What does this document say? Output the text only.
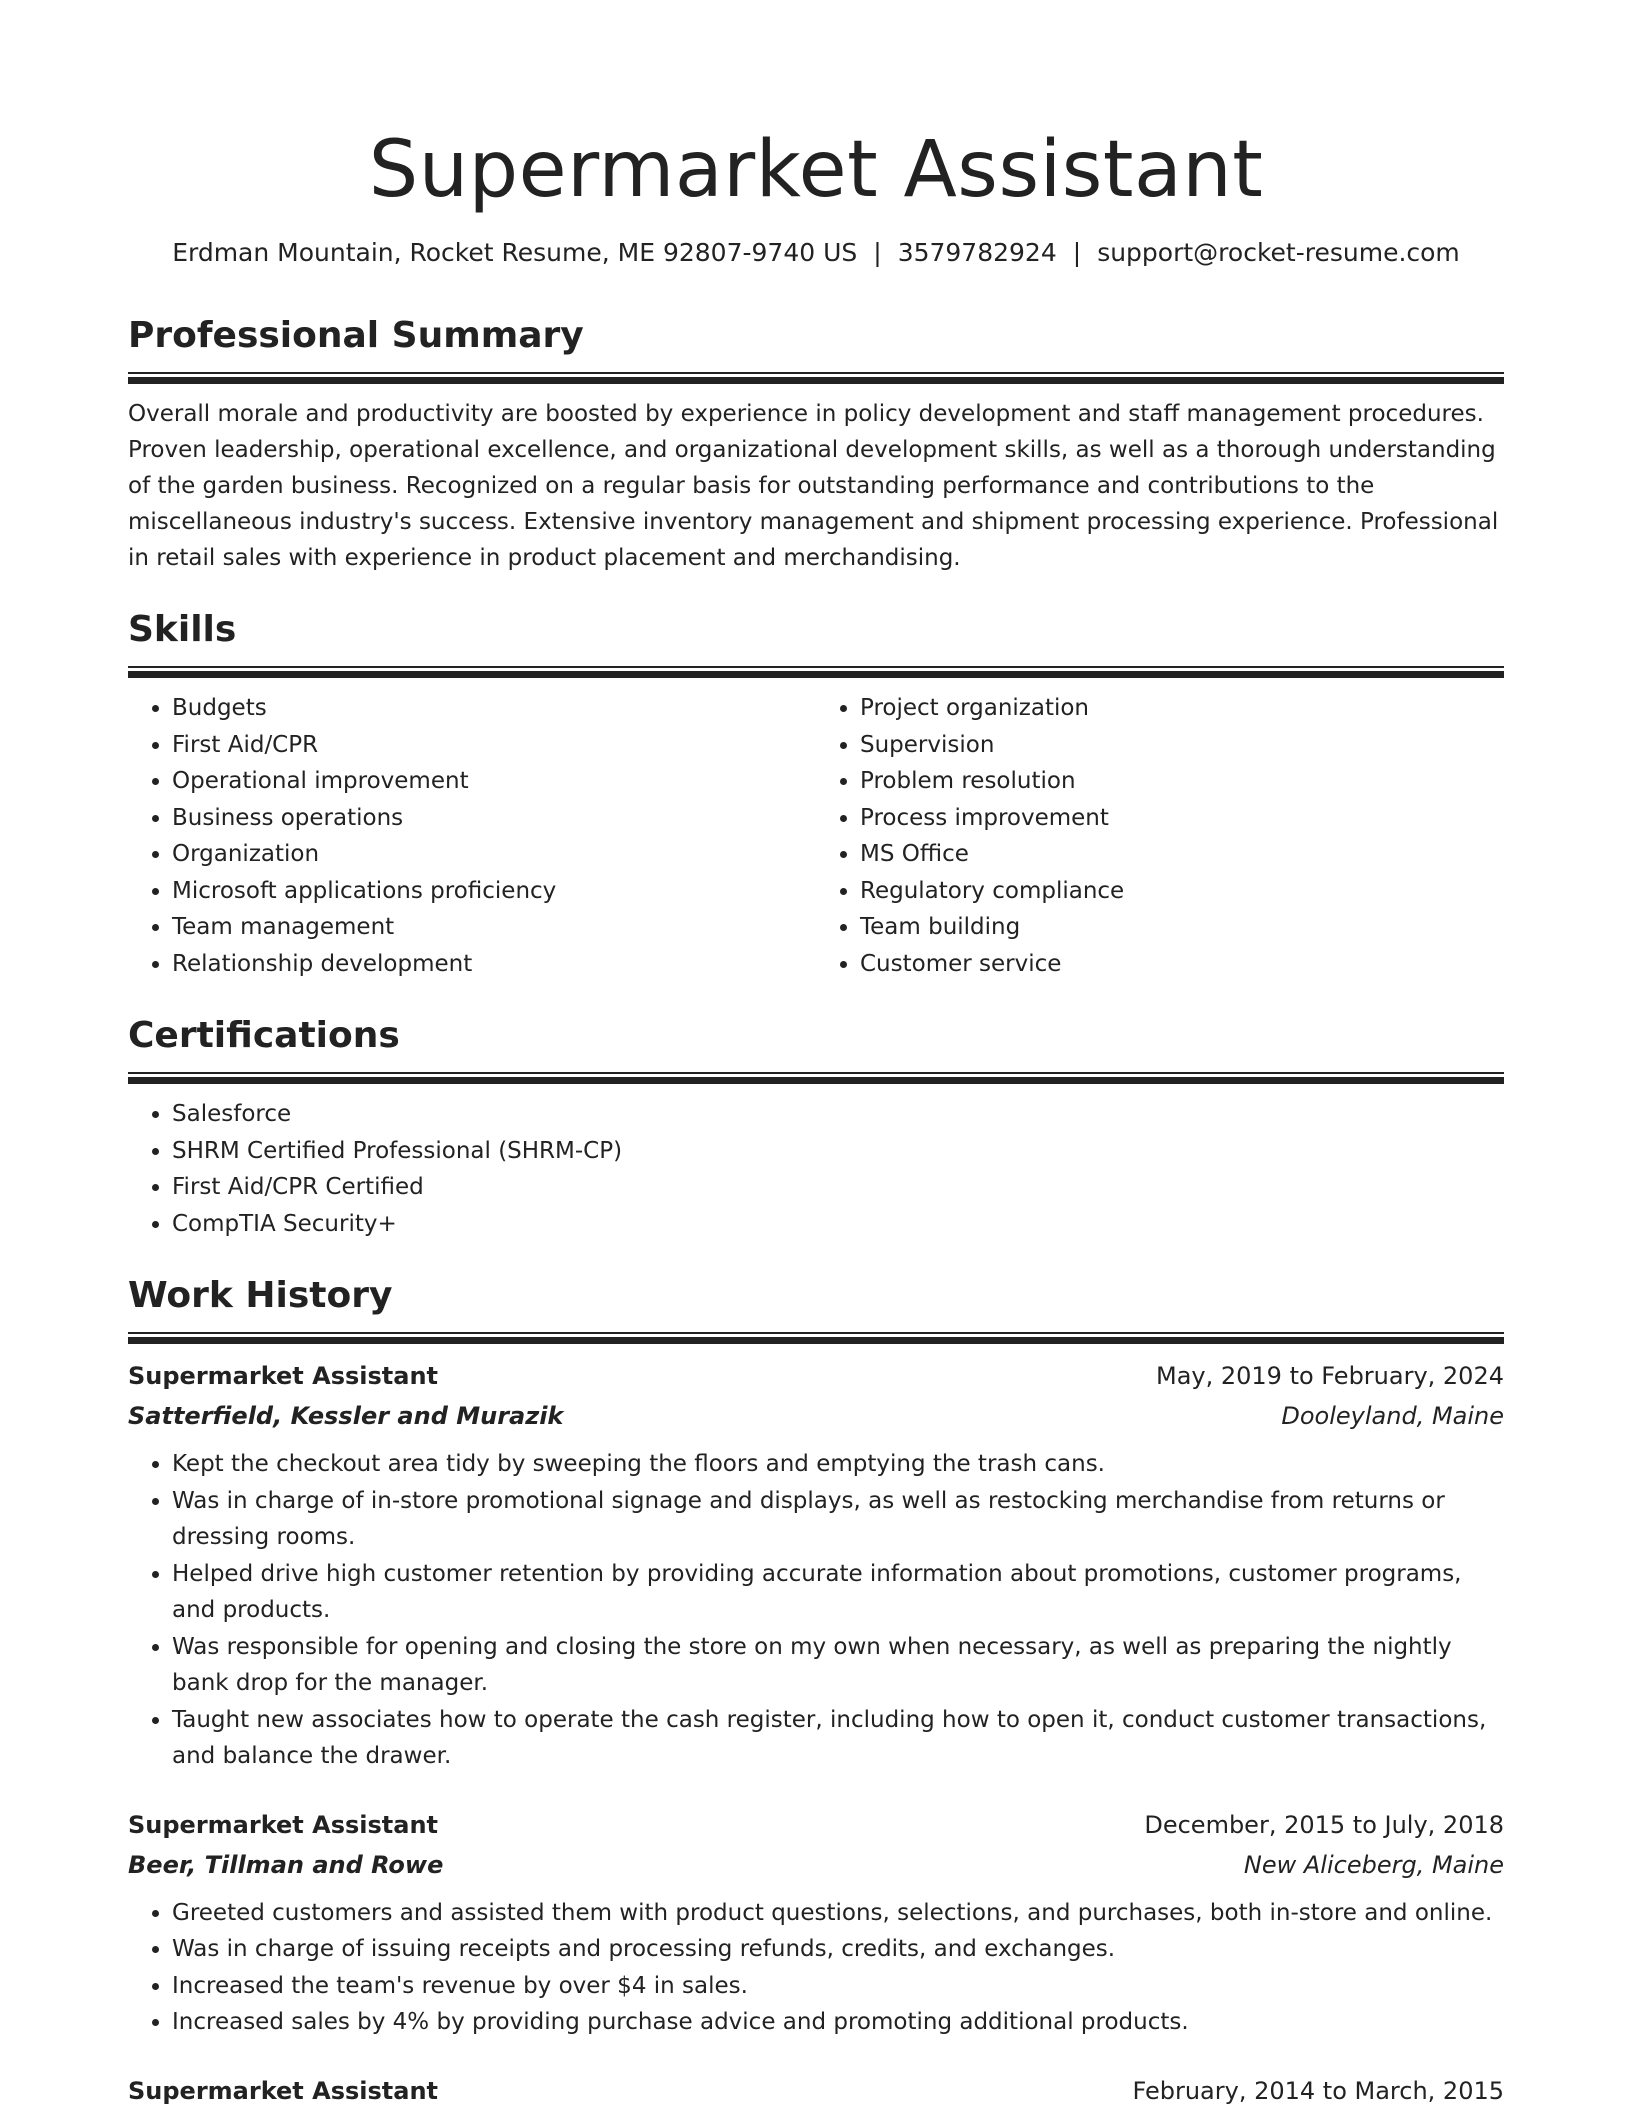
Supermarket Assistant
Erdman Mountain, Rocket Resume, ME 92807-9740 US | 3579782924 | support@rocket-resume.com
Professional Summary
Overall morale and productivity are boosted by experience in policy development and staff management procedures. Proven leadership, operational excellence, and organizational development skills, as well as a thorough understanding of the garden business. Recognized on a regular basis for outstanding performance and contributions to the miscellaneous industry's success. Extensive inventory management and shipment processing experience. Professional in retail sales with experience in product placement and merchandising.
Skills
• Budgets
• First Aid/CPR
• Operational improvement
• Business operations
• Organization
• Microsoft applications proficiency
• Team management
• Relationship development
• Project organization
• Supervision
• Problem resolution
• Process improvement
• MS Office
• Regulatory compliance
• Team building
• Customer service
Certifications
• Salesforce
• SHRM Certified Professional (SHRM-CP)
• First Aid/CPR Certified
• CompTIA Security+
Work History
Supermarket Assistant	May, 2019 to February, 2024
Satterfield, Kessler and Murazik	Dooleyland, Maine
• Kept the checkout area tidy by sweeping the floors and emptying the trash cans.
• Was in charge of in-store promotional signage and displays, as well as restocking merchandise from returns or dressing rooms.
• Helped drive high customer retention by providing accurate information about promotions, customer programs, and products.
• Was responsible for opening and closing the store on my own when necessary, as well as preparing the nightly bank drop for the manager.
• Taught new associates how to operate the cash register, including how to open it, conduct customer transactions, and balance the drawer.
Supermarket Assistant	December, 2015 to July, 2018
Beer, Tillman and Rowe	New Aliceberg, Maine
• Greeted customers and assisted them with product questions, selections, and purchases, both in-store and online.
• Was in charge of issuing receipts and processing refunds, credits, and exchanges.
• Increased the team's revenue by over $4 in sales.
• Increased sales by 4% by providing purchase advice and promoting additional products.
Supermarket Assistant	February, 2014 to March, 2015
